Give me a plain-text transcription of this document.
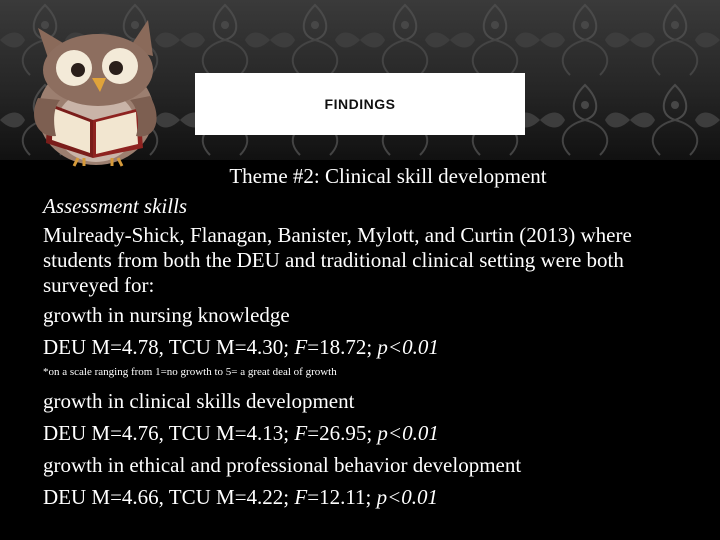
FINDINGS

Theme #2: Clinical skill development

Assessment skills

Mulready-Shick, Flanagan, Banister, Mylott, and Curtin (2013) where students from both the DEU and traditional clinical setting were both surveyed for:

growth in nursing knowledge

DEU M=4.78, TCU M=4.30; F=18.72; p<0.01

*on a scale ranging from 1=no growth to 5= a great deal of growth

growth in clinical skills development

DEU M=4.76, TCU M=4.13; F=26.95; p<0.01

growth in ethical and professional behavior development

DEU M=4.66, TCU M=4.22; F=12.11; p<0.01
